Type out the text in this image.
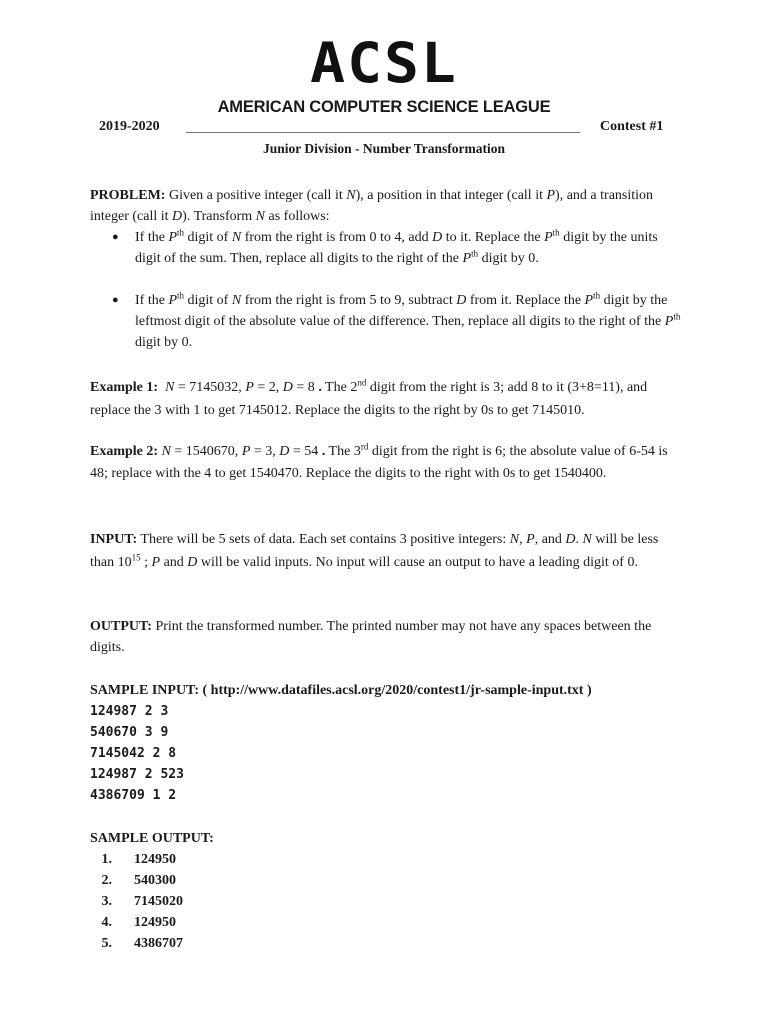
ACSL
AMERICAN COMPUTER SCIENCE LEAGUE
2019-2020	Contest #1
Junior Division - Number Transformation
PROBLEM: Given a positive integer (call it N), a position in that integer (call it P), and a transition integer (call it D). Transform N as follows:
● If the $P^{th}$ digit of N from the right is from 0 to 4, add D to it. Replace the $P^{th}$ digit by the units digit of the sum. Then, replace all digits to the right of the $P^{th}$ digit by 0.
● If the $P^{th}$ digit of N from the right is from 5 to 9, subtract D from it. Replace the $P^{th}$ digit by the leftmost digit of the absolute value of the difference. Then, replace all digits to the right of the $P^{th}$ digit by 0.
Example 1: N = 7145032, P = 2, D = 8 . The 2nd digit from the right is 3; add 8 to it (3+8=11), and replace the 3 with 1 to get 7145012. Replace the digits to the right by 0s to get 7145010.
Example 2: N = 1540670, P = 3, D = 54 . The 3rd digit from the right is 6; the absolute value of 6-54 is 48; replace with the 4 to get 1540470. Replace the digits to the right with 0s to get 1540400.
INPUT: There will be 5 sets of data. Each set contains 3 positive integers: N, P, and D. N will be less than $10^{15}$ ; P and D will be valid inputs. No input will cause an output to have a leading digit of 0.
OUTPUT: Print the transformed number. The printed number may not have any spaces between the digits.
SAMPLE INPUT: ( http://www.datafiles.acsl.org/2020/contest1/jr-sample-input.txt )
124987 2 3
540670 3 9
7145042 2 8
124987 2 523
4386709 1 2
SAMPLE OUTPUT:
1. 124950
2. 540300
3. 7145020
4. 124950
5. 4386707
